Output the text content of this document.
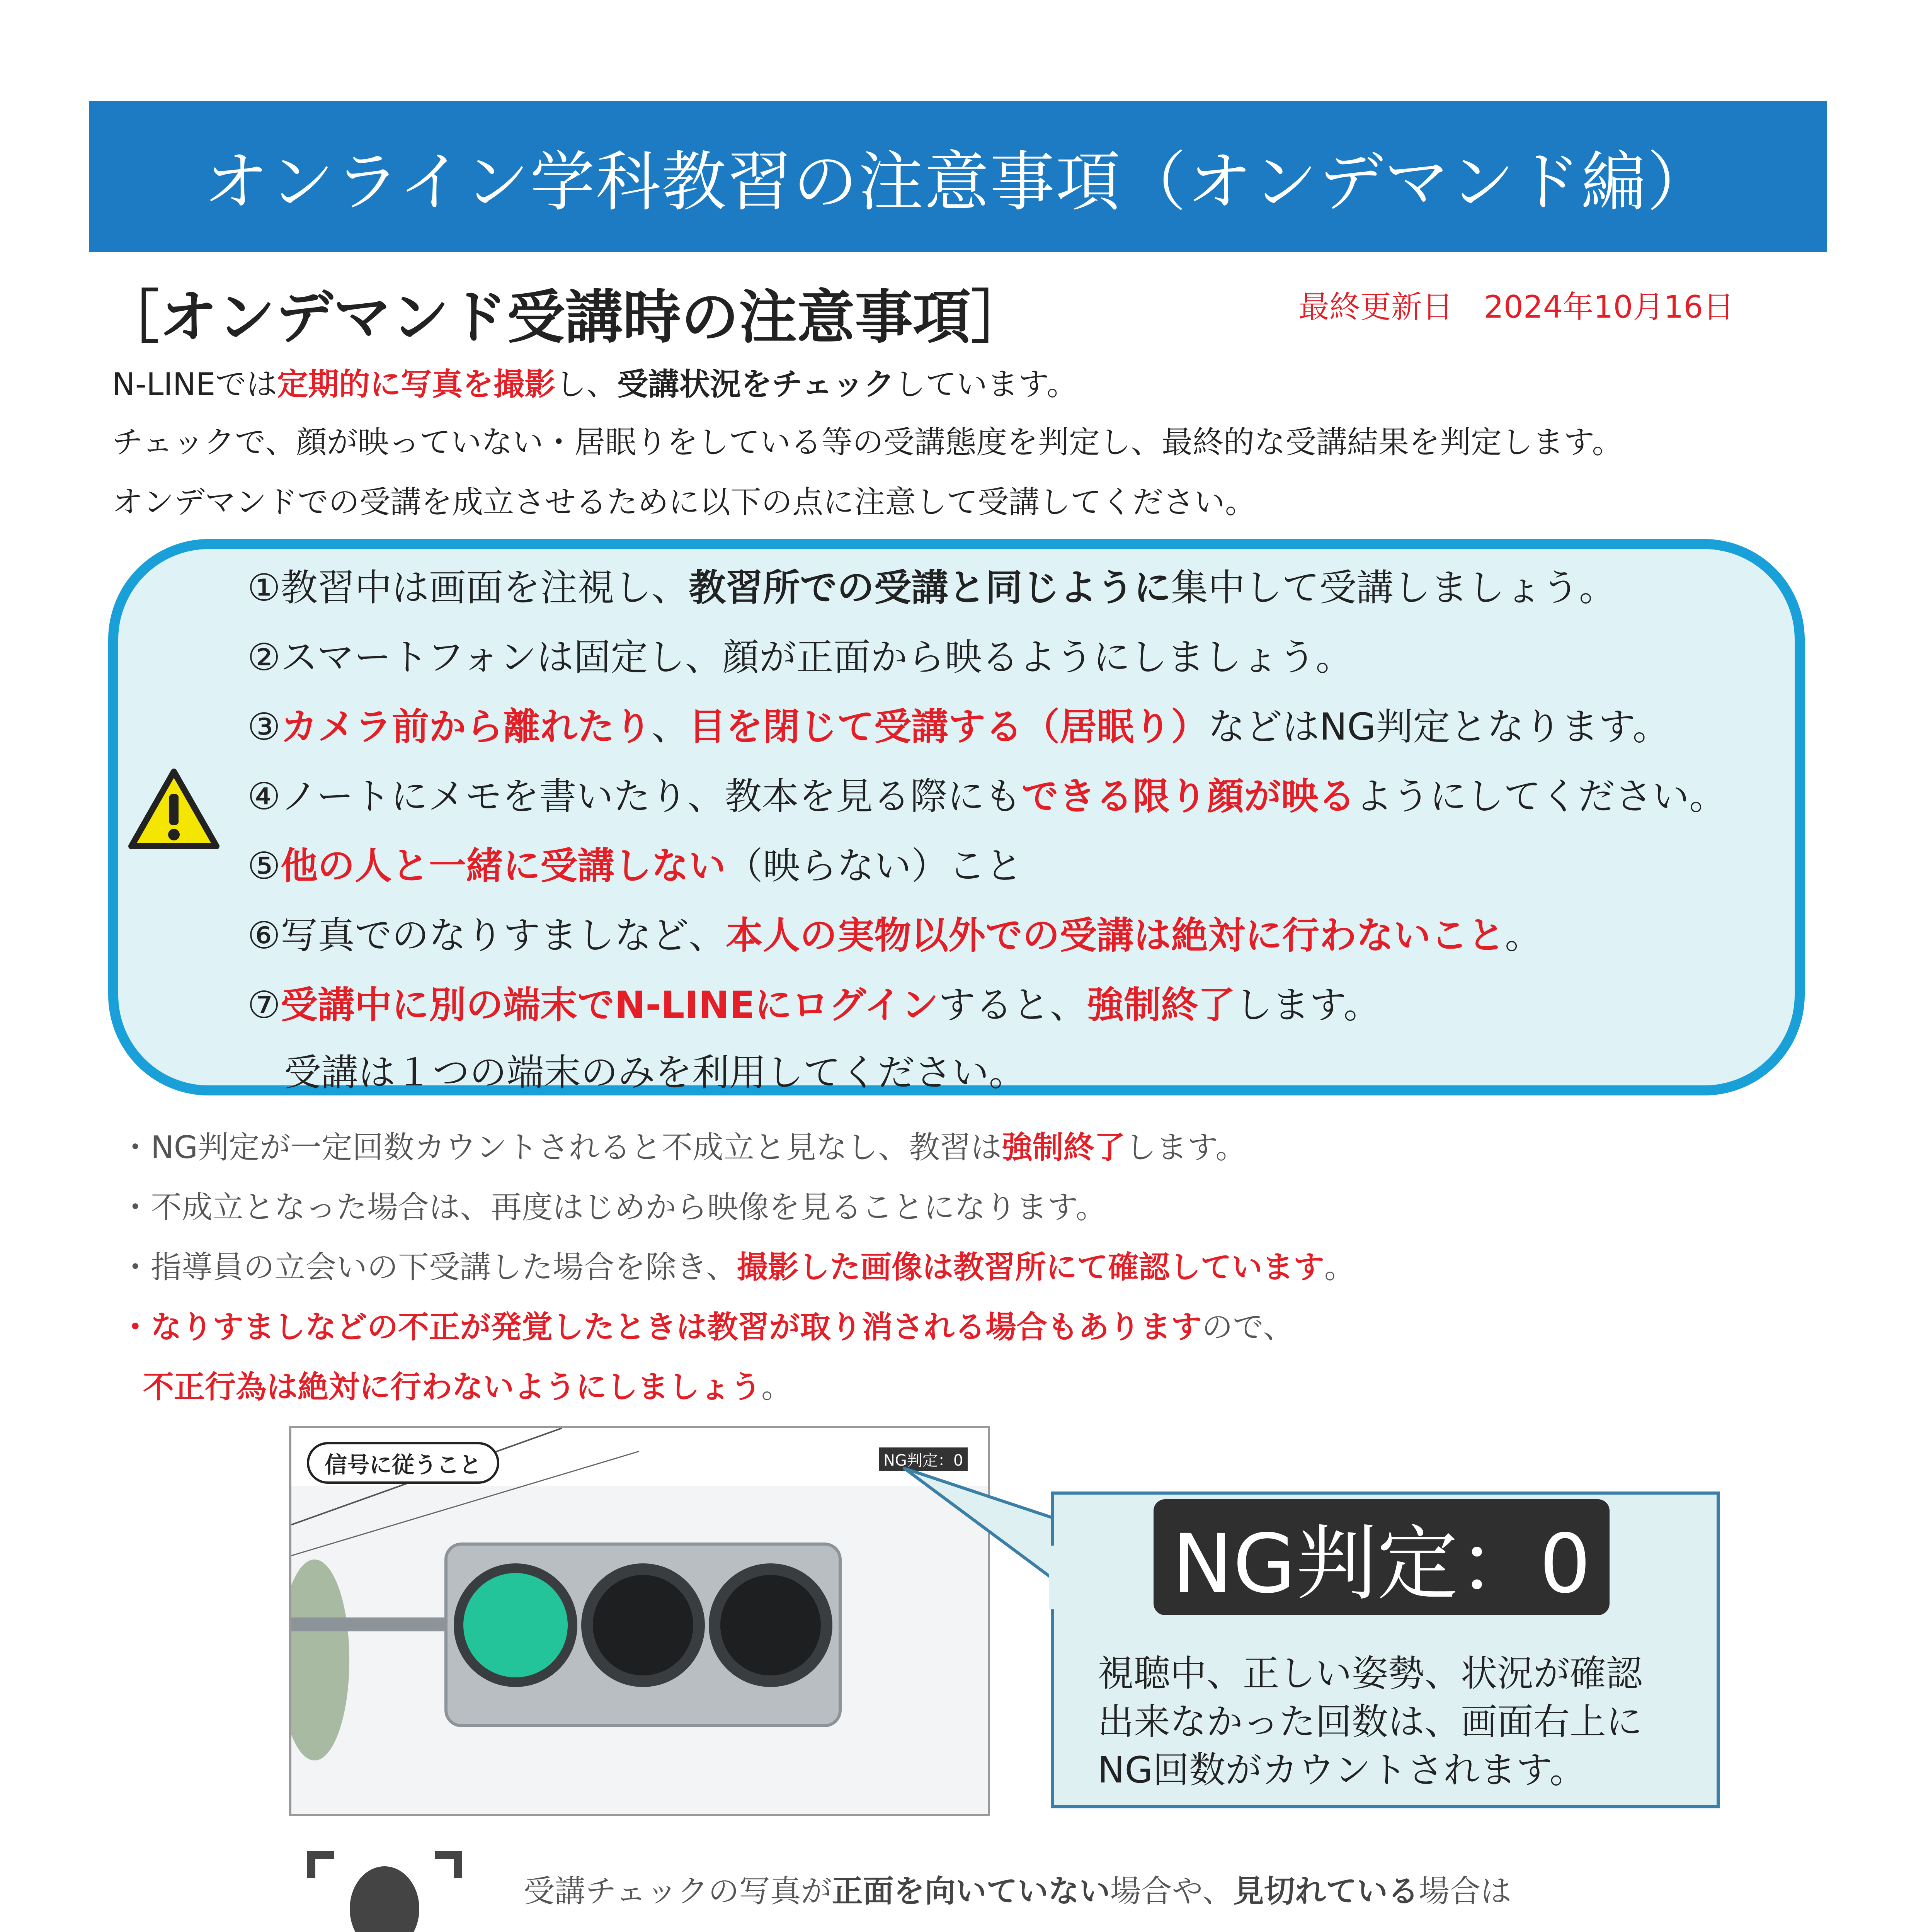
オンライン学科教習の注意事項（オンデマンド編）
［オンデマンド受講時の注意事項］	最終更新日　2024年10月16日
N-LINEでは定期的に写真を撮影し、受講状況をチェックしています。
チェックで、顔が映っていない・居眠りをしている等の受講態度を判定し、最終的な受講結果を判定します。
オンデマンドでの受講を成立させるために以下の点に注意して受講してください。
①教習中は画面を注視し、教習所での受講と同じように集中して受講しましょう。
②スマートフォンは固定し、顔が正面から映るようにしましょう。
③カメラ前から離れたり、目を閉じて受講する（居眠り）などはNG判定となります。
④ノートにメモを書いたり、教本を見る際にもできる限り顔が映るようにしてください。
⑤他の人と一緒に受講しない（映らない）こと
⑥写真でのなりすましなど、本人の実物以外での受講は絶対に行わないこと。
⑦受講中に別の端末でN-LINEにログインすると、強制終了します。
受講は１つの端末のみを利用してください。
・NG判定が一定回数カウントされると不成立と見なし、教習は強制終了します。
・不成立となった場合は、再度はじめから映像を見ることになります。
・指導員の立会いの下受講した場合を除き、撮影した画像は教習所にて確認しています。
・なりすましなどの不正が発覚したときは教習が取り消される場合もありますので、
不正行為は絶対に行わないようにしましょう。
信号に従うこと	NG判定：0
NG判定：0
視聴中、正しい姿勢、状況が確認
出来なかった回数は、画面右上に
NG回数がカウントされます。
受講チェックの写真が正面を向いていない場合や、見切れている場合は
